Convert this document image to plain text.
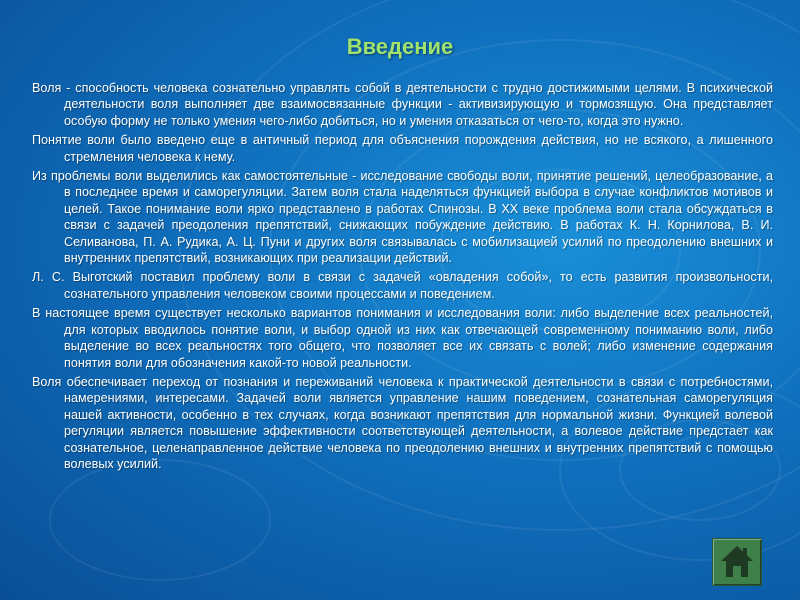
Введение

Воля - способность человека сознательно управлять собой в деятельности с трудно достижимыми целями. В психической деятельности воля выполняет две взаимосвязанные функции - активизирующую и тормозящую. Она представляет особую форму не только умения чего-либо добиться, но и умения отказаться от чего-то, когда это нужно.

Понятие воли было введено еще в античный период для объяснения порождения действия, но не всякого, а лишенного стремления человека к нему.

Из проблемы воли выделились как самостоятельные - исследование свободы воли, принятие решений, целеобразование, а в последнее время и саморегуляции. Затем воля стала наделяться функцией выбора в случае конфликтов мотивов и целей. Такое понимание воли ярко представлено в работах Спинозы. В XX веке проблема воли стала обсуждаться в связи с задачей преодоления препятствий, снижающих побуждение действию. В работах К. Н. Корнилова, В. И. Селиванова, П. А. Рудика, А. Ц. Пуни и других воля связывалась с мобилизацией усилий по преодолению внешних и внутренних препятствий, возникающих при реализации действий.

Л. С. Выготский поставил проблему воли в связи с задачей «овладения собой», то есть развития произвольности, сознательного управления человеком своими процессами и поведением.

В настоящее время существует несколько вариантов понимания и исследования воли: либо выделение всех реальностей, для которых вводилось понятие воли, и выбор одной из них как отвечающей современному пониманию воли, либо выделение во всех реальностях того общего, что позволяет все их связать с волей; либо изменение содержания понятия воли для обозначения какой-то новой реальности.

Воля обеспечивает переход от познания и переживаний человека к практической деятельности в связи с потребностями, намерениями, интересами. Задачей воли является управление нашим поведением, сознательная саморегуляция нашей активности, особенно в тех случаях, когда возникают препятствия для нормальной жизни. Функцией волевой регуляции является повышение эффективности соответствующей деятельности, а волевое действие предстает как сознательное, целенаправленное действие человека по преодолению внешних и внутренних препятствий с помощью волевых усилий.
